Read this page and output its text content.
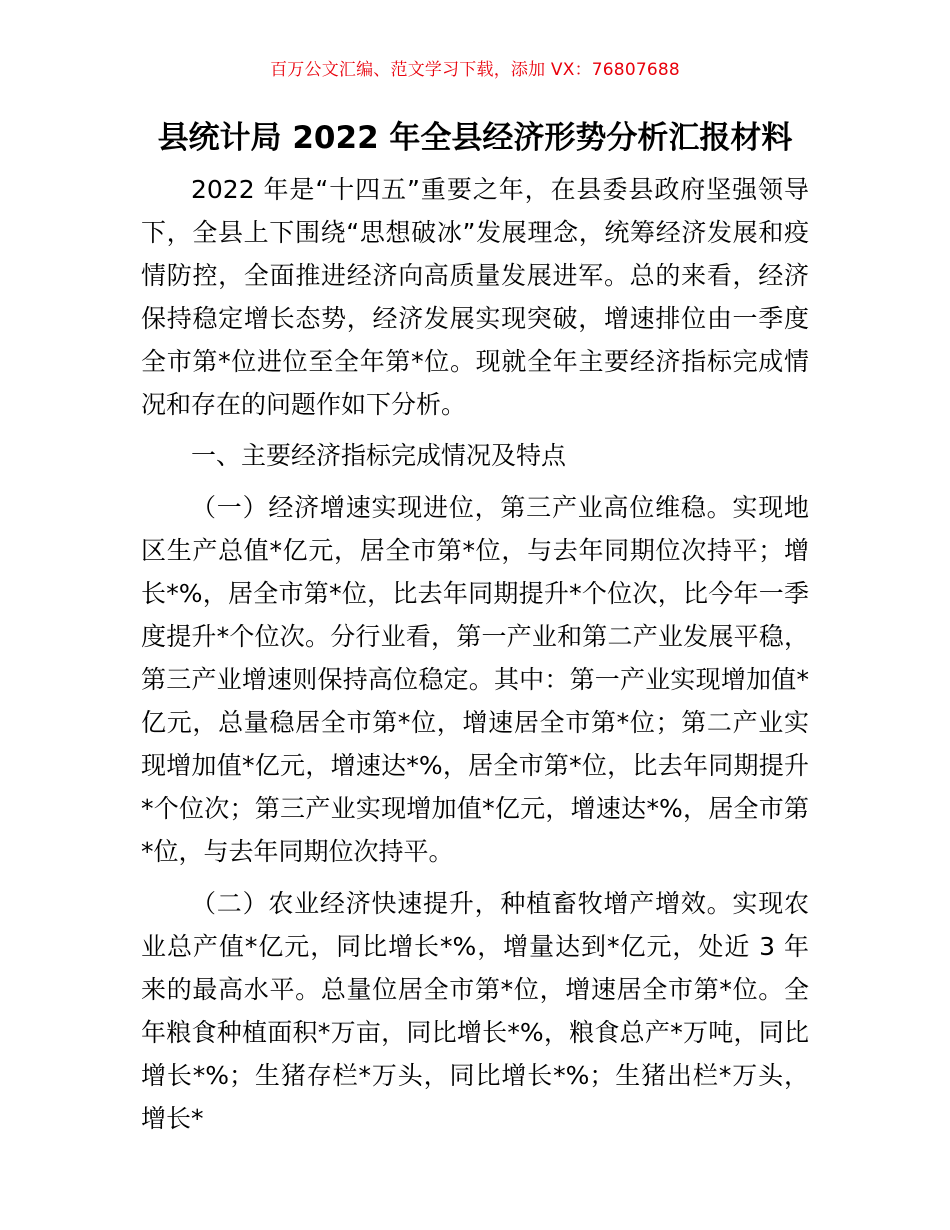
百万公文汇编、范文学习下载，添加 VX：76807688
县统计局 2022 年全县经济形势分析汇报材料

2022 年是“十四五”重要之年，在县委县政府坚强领导下，全县上下围绕“思想破冰”发展理念，统筹经济发展和疫情防控，全面推进经济向高质量发展进军。总的来看，经济保持稳定增长态势，经济发展实现突破，增速排位由一季度全市第*位进位至全年第*位。现就全年主要经济指标完成情况和存在的问题作如下分析。

一、主要经济指标完成情况及特点

（一）经济增速实现进位，第三产业高位维稳。实现地区生产总值*亿元，居全市第*位，与去年同期位次持平；增长*%，居全市第*位，比去年同期提升*个位次，比今年一季度提升*个位次。分行业看，第一产业和第二产业发展平稳，第三产业增速则保持高位稳定。其中：第一产业实现增加值*亿元，总量稳居全市第*位，增速居全市第*位；第二产业实现增加值*亿元，增速达*%，居全市第*位，比去年同期提升*个位次；第三产业实现增加值*亿元，增速达*%，居全市第*位，与去年同期位次持平。

（二）农业经济快速提升，种植畜牧增产增效。实现农业总产值*亿元，同比增长*%，增量达到*亿元，处近 3 年来的最高水平。总量位居全市第*位，增速居全市第*位。全年粮食种植面积*万亩，同比增长*%，粮食总产*万吨，同比增长*%；生猪存栏*万头，同比增长*%；生猪出栏*万头，增长*
